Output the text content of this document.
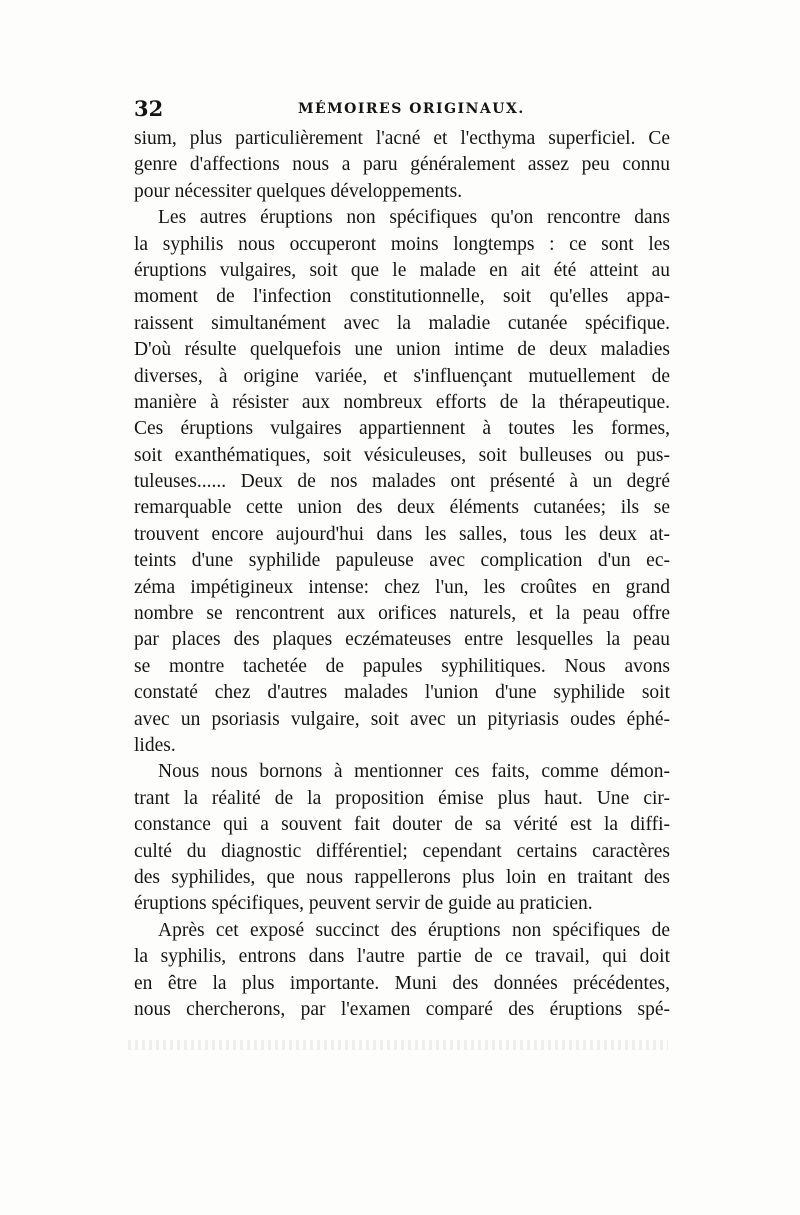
32	MÉMOIRES ORIGINAUX.
sium, plus particulièrement l'acné et l'ecthyma superficiel. Ce
genre d'affections nous a paru généralement assez peu connu
pour nécessiter quelques développements.
Les autres éruptions non spécifiques qu'on rencontre dans
la syphilis nous occuperont moins longtemps : ce sont les
éruptions vulgaires, soit que le malade en ait été atteint au
moment de l'infection constitutionnelle, soit qu'elles appa-
raissent simultanément avec la maladie cutanée spécifique.
D'où résulte quelquefois une union intime de deux maladies
diverses, à origine variée, et s'influençant mutuellement de
manière à résister aux nombreux efforts de la thérapeutique.
Ces éruptions vulgaires appartiennent à toutes les formes,
soit exanthématiques, soit vésiculeuses, soit bulleuses ou pus-
tuleuses...... Deux de nos malades ont présenté à un degré
remarquable cette union des deux éléments cutanées; ils se
trouvent encore aujourd'hui dans les salles, tous les deux at-
teints d'une syphilide papuleuse avec complication d'un ec-
zéma impétigineux intense: chez l'un, les croûtes en grand
nombre se rencontrent aux orifices naturels, et la peau offre
par places des plaques eczémateuses entre lesquelles la peau
se montre tachetée de papules syphilitiques. Nous avons
constaté chez d'autres malades l'union d'une syphilide soit
avec un psoriasis vulgaire, soit avec un pityriasis oudes éphé-
lides.
Nous nous bornons à mentionner ces faits, comme démon-
trant la réalité de la proposition émise plus haut. Une cir-
constance qui a souvent fait douter de sa vérité est la diffi-
culté du diagnostic différentiel; cependant certains caractères
des syphilides, que nous rappellerons plus loin en traitant des
éruptions spécifiques, peuvent servir de guide au praticien.
Après cet exposé succinct des éruptions non spécifiques de
la syphilis, entrons dans l'autre partie de ce travail, qui doit
en être la plus importante. Muni des données précédentes,
nous chercherons, par l'examen comparé des éruptions spé-
